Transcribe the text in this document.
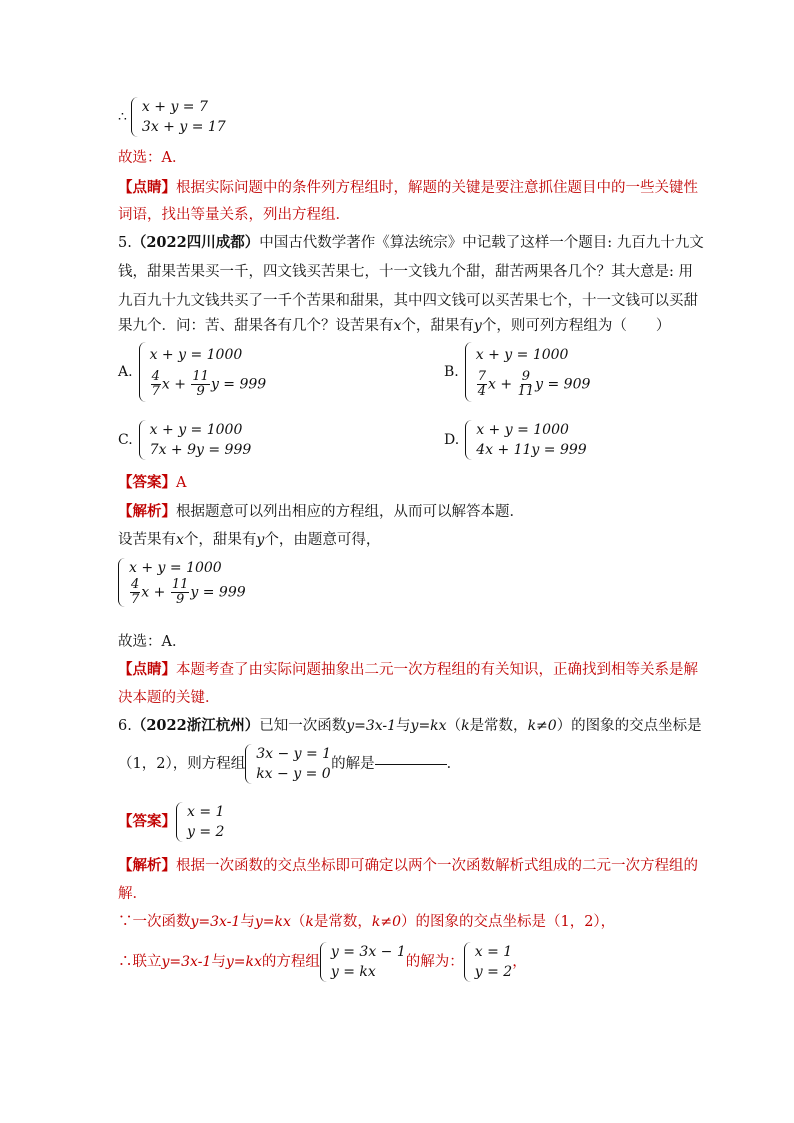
∴
x + y = 7
3x + y = 17
故选：A．
【点睛】根据实际问题中的条件列方程组时，解题的关键是要注意抓住题目中的一些关键性
词语，找出等量关系，列出方程组．
5.（2022四川成都）中国古代数学著作《算法统宗》中记载了这样一个题目: 九百九十九文
钱，甜果苦果买一千，四文钱买苦果七，十一文钱九个甜，甜苦两果各几个？其大意是: 用
九百九十九文钱共买了一千个苦果和甜果，其中四文钱可以买苦果七个，十一文钱可以买甜
果九个．问：苦、甜果各有几个？设苦果有x个，甜果有y个，则可列方程组为（　　）
A.
x + y = 1000
$\frac{4}{7}$ $x + \frac{11}{9}$ y = 999
B.
x + y = 1000
$\frac{7}{4}$ $x + \frac{9}{11}$ y = 909
C.
x + y = 1000
7x + 9y = 999
D.
x + y = 1000
4x + 11y = 999
【答案】A
【解析】根据题意可以列出相应的方程组，从而可以解答本题．
设苦果有x个，甜果有y个，由题意可得，
x + y = 1000
$\frac{4}{7}$ $x + \frac{11}{9}$ y = 999
故选：A．
【点睛】本题考查了由实际问题抽象出二元一次方程组的有关知识，正确找到相等关系是解
决本题的关键．
6.（2022浙江杭州）已知一次函数y=3x-1与y=kx（k是常数，k≠0）的图象的交点坐标是
（1，2），则方程组
3x − y = 1
kx − y = 0
的解是	．
【答案】
x = 1
y = 2
【解析】根据一次函数的交点坐标即可确定以两个一次函数解析式组成的二元一次方程组的
解．
∵一次函数y=3x-1与y=kx（k是常数，k≠0）的图象的交点坐标是（1，2），
∴联立 y=3x-1 与 y=kx 的方程组
y = 3x − 1
y = kx
的解为：
x = 1
y = 2
，
